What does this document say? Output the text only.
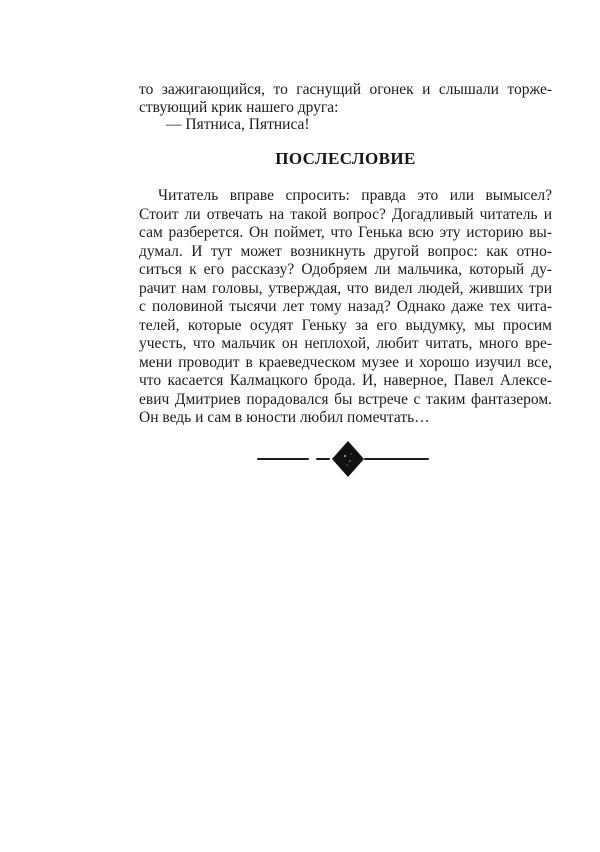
то зажигающийся, то гаснущий огонек и слышали торже-
ствующий крик нашего друга:
— Пятниса, Пятниса!
ПОСЛЕСЛОВИЕ
Читатель вправе спросить: правда это или вымысел?
Стоит ли отвечать на такой вопрос? Догадливый читатель и
сам разберется. Он поймет, что Генька всю эту историю вы-
думал. И тут может возникнуть другой вопрос: как отно-
ситься к его рассказу? Одобряем ли мальчика, который ду-
рачит нам головы, утверждая, что видел людей, живших три
с половиной тысячи лет тому назад? Однако даже тех чита-
телей, которые осудят Геньку за его выдумку, мы просим
учесть, что мальчик он неплохой, любит читать, много вре-
мени проводит в краеведческом музее и хорошо изучил все,
что касается Калмацкого брода. И, наверное, Павел Алексе-
евич Дмитриев порадовался бы встрече с таким фантазером.
Он ведь и сам в юности любил помечтать…
